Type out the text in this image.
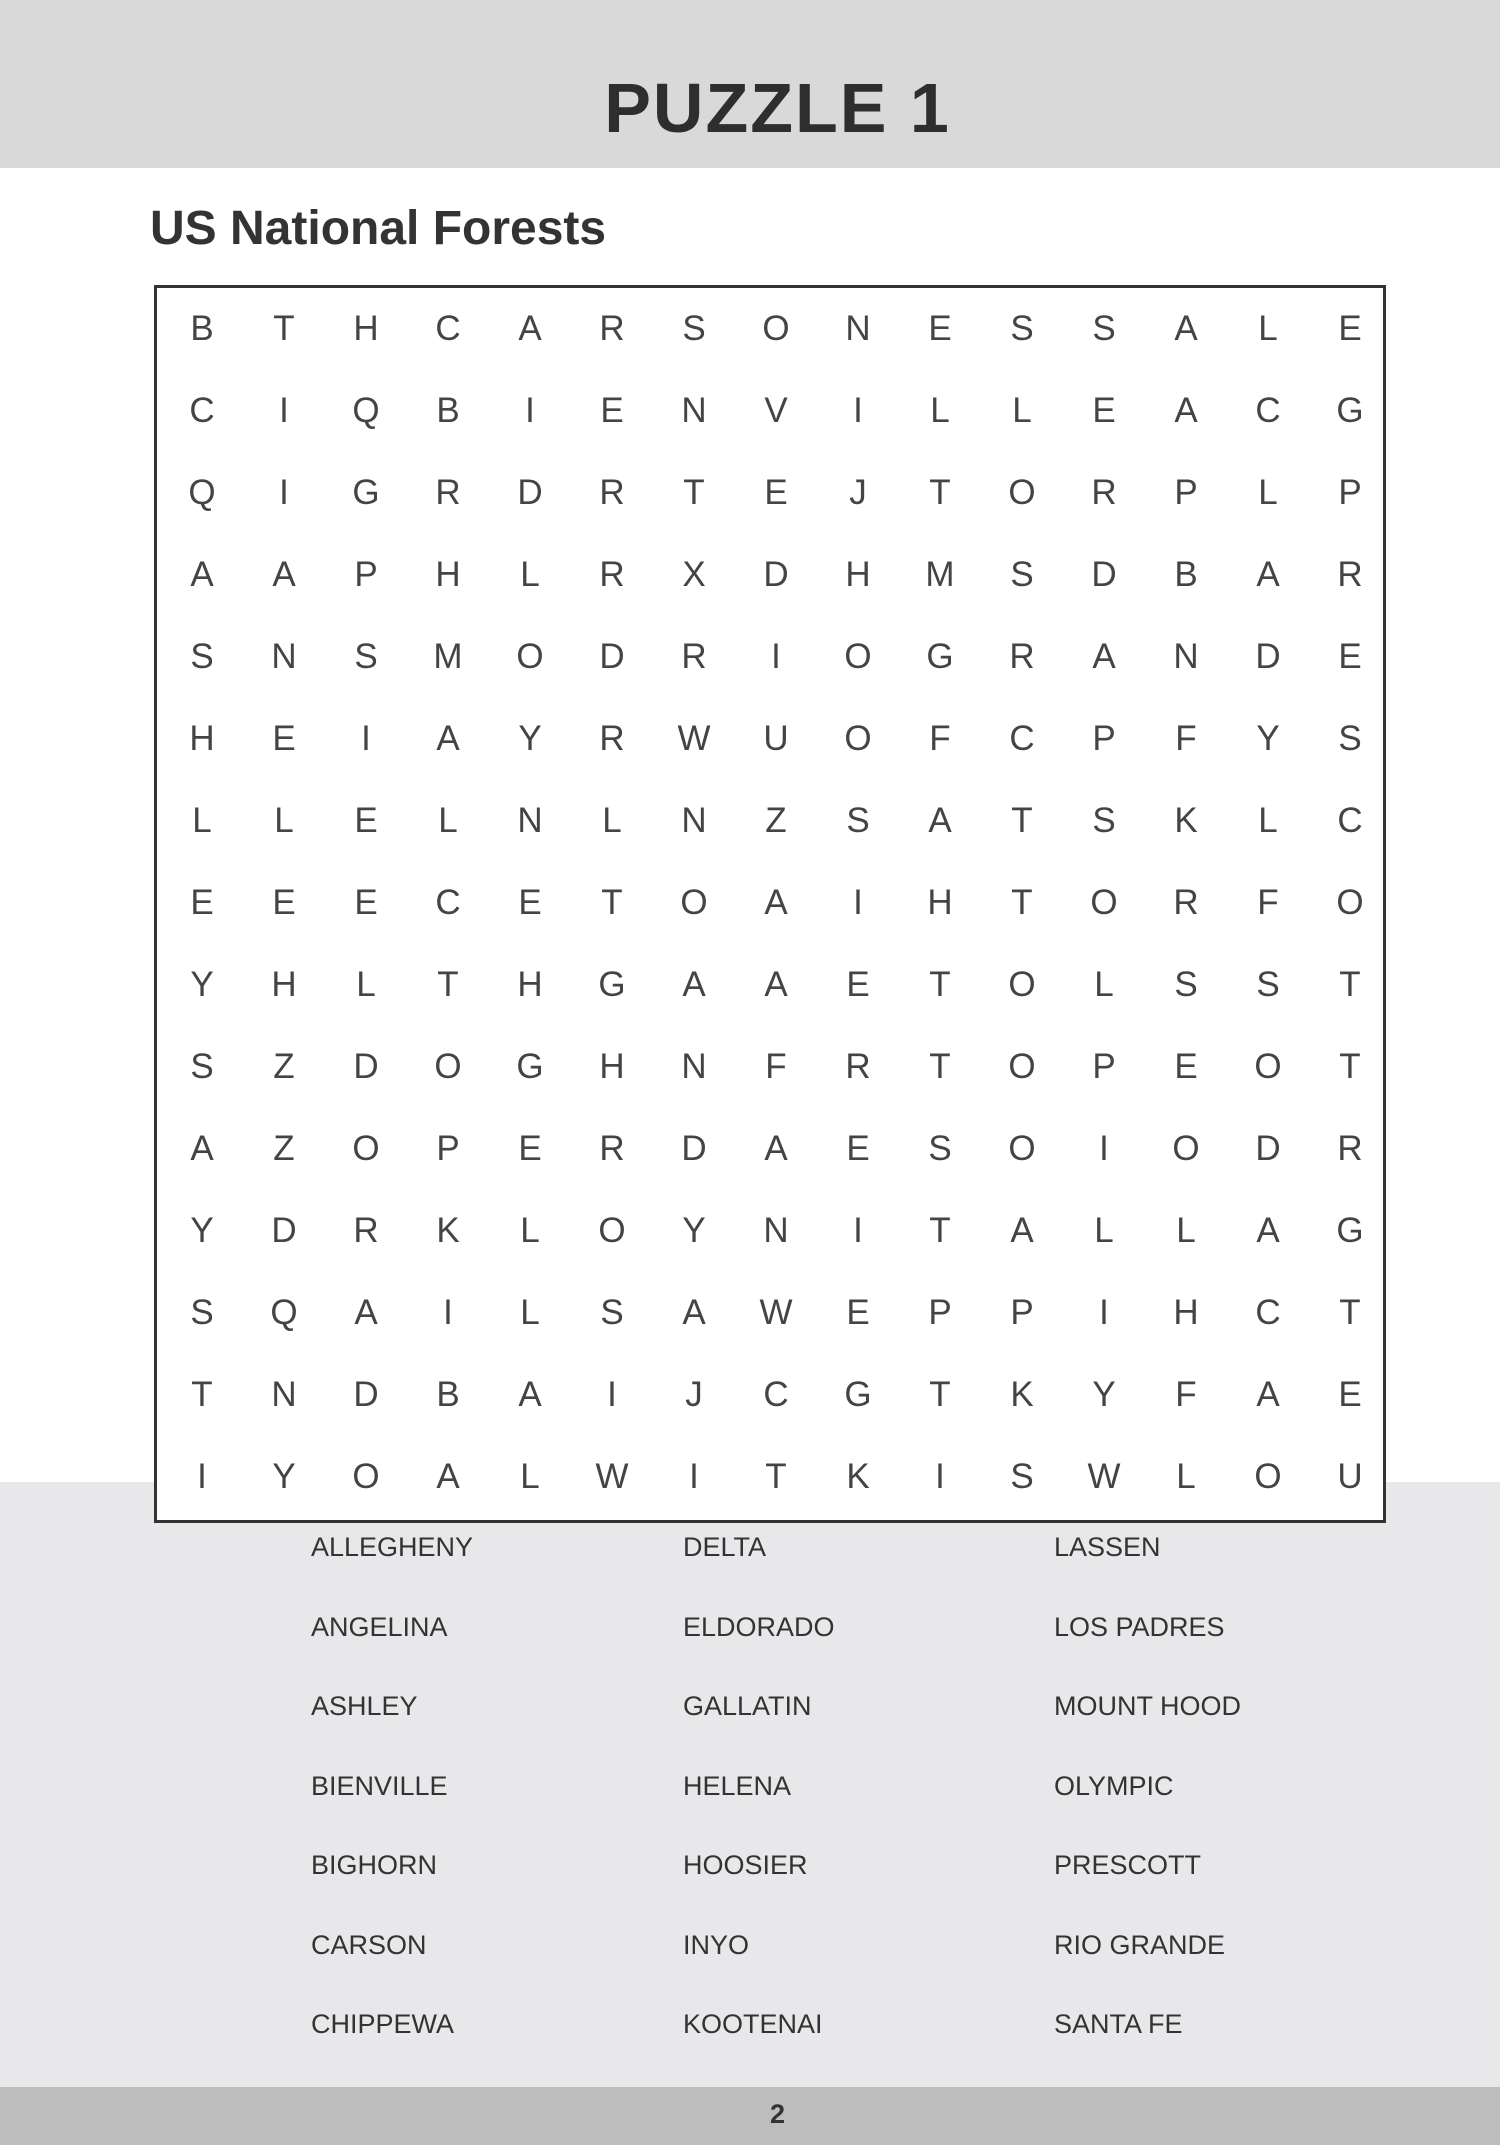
PUZZLE 1
US National Forests
B	T	H	C	A	R	S	O	N	E	S	S	A	L	E
C	I	Q	B	I	E	N	V	I	L	L	E	A	C	G
Q	I	G	R	D	R	T	E	J	T	O	R	P	L	P
A	A	P	H	L	R	X	D	H	M	S	D	B	A	R
S	N	S	M	O	D	R	I	O	G	R	A	N	D	E
H	E	I	A	Y	R	W	U	O	F	C	P	F	Y	S
L	L	E	L	N	L	N	Z	S	A	T	S	K	L	C
E	E	E	C	E	T	O	A	I	H	T	O	R	F	O
Y	H	L	T	H	G	A	A	E	T	O	L	S	S	T
S	Z	D	O	G	H	N	F	R	T	O	P	E	O	T
A	Z	O	P	E	R	D	A	E	S	O	I	O	D	R
Y	D	R	K	L	O	Y	N	I	T	A	L	L	A	G
S	Q	A	I	L	S	A	W	E	P	P	I	H	C	T
T	N	D	B	A	I	J	C	G	T	K	Y	F	A	E
I	Y	O	A	L	W	I	T	K	I	S	W	L	O	U
ALLEGHENY
ANGELINA
ASHLEY
BIENVILLE
BIGHORN
CARSON
CHIPPEWA
DELTA
ELDORADO
GALLATIN
HELENA
HOOSIER
INYO
KOOTENAI
LASSEN
LOS PADRES
MOUNT HOOD
OLYMPIC
PRESCOTT
RIO GRANDE
SANTA FE
2
